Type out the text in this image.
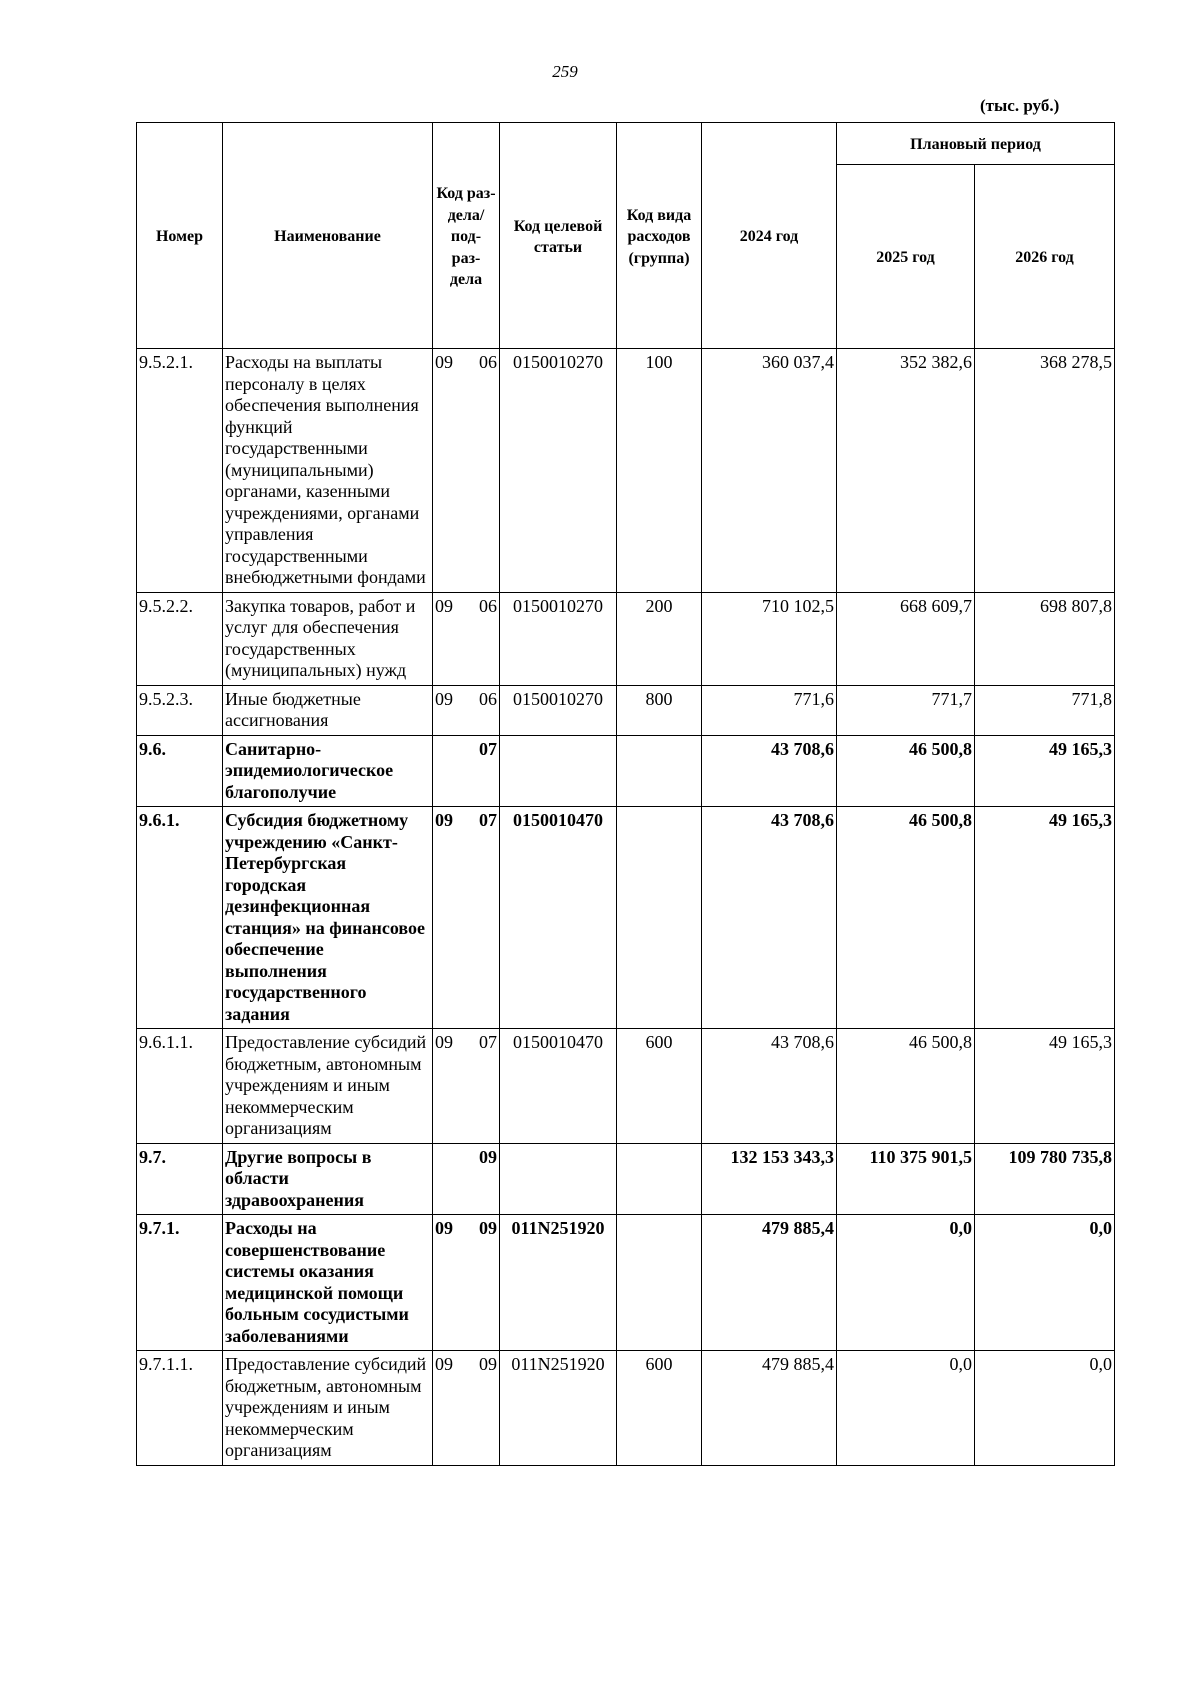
259
(тыс. руб.)
Номер	Наименование	Код раз- дела/ под- раз- дела	Код целевой статьи	Код вида расходов (группа)	2024 год	Плановый период	
						2025 год	2026 год
9.5.2.1.	Расходы на выплаты персоналу в целях обеспечения выполнения функций государственными (муниципальными) органами, казенными учреждениями, органами управления государственными внебюджетными фондами	09 06	0150010270	100	360 037,4	352 382,6	368 278,5
9.5.2.2.	Закупка товаров, работ и услуг для обеспечения государственных (муниципальных) нужд	09 06	0150010270	200	710 102,5	668 609,7	698 807,8
9.5.2.3.	Иные бюджетные ассигнования	09 06	0150010270	800	771,6	771,7	771,8
9.6.	Санитарно- эпидемиологическое благополучие	07			43 708,6	46 500,8	49 165,3
9.6.1.	Субсидия бюджетному учреждению «Санкт-Петербургская городская дезинфекционная станция» на финансовое обеспечение выполнения государственного задания	09 07	0150010470		43 708,6	46 500,8	49 165,3
9.6.1.1.	Предоставление субсидий бюджетным, автономным учреждениям и иным некоммерческим организациям	09 07	0150010470	600	43 708,6	46 500,8	49 165,3
9.7.	Другие вопросы в области здравоохранения	09			132 153 343,3	110 375 901,5	109 780 735,8
9.7.1.	Расходы на совершенствование системы оказания медицинской помощи больным сосудистыми заболеваниями	09 09	011N251920		479 885,4	0,0	0,0
9.7.1.1.	Предоставление субсидий бюджетным, автономным учреждениям и иным некоммерческим организациям	09 09	011N251920	600	479 885,4	0,0	0,0
